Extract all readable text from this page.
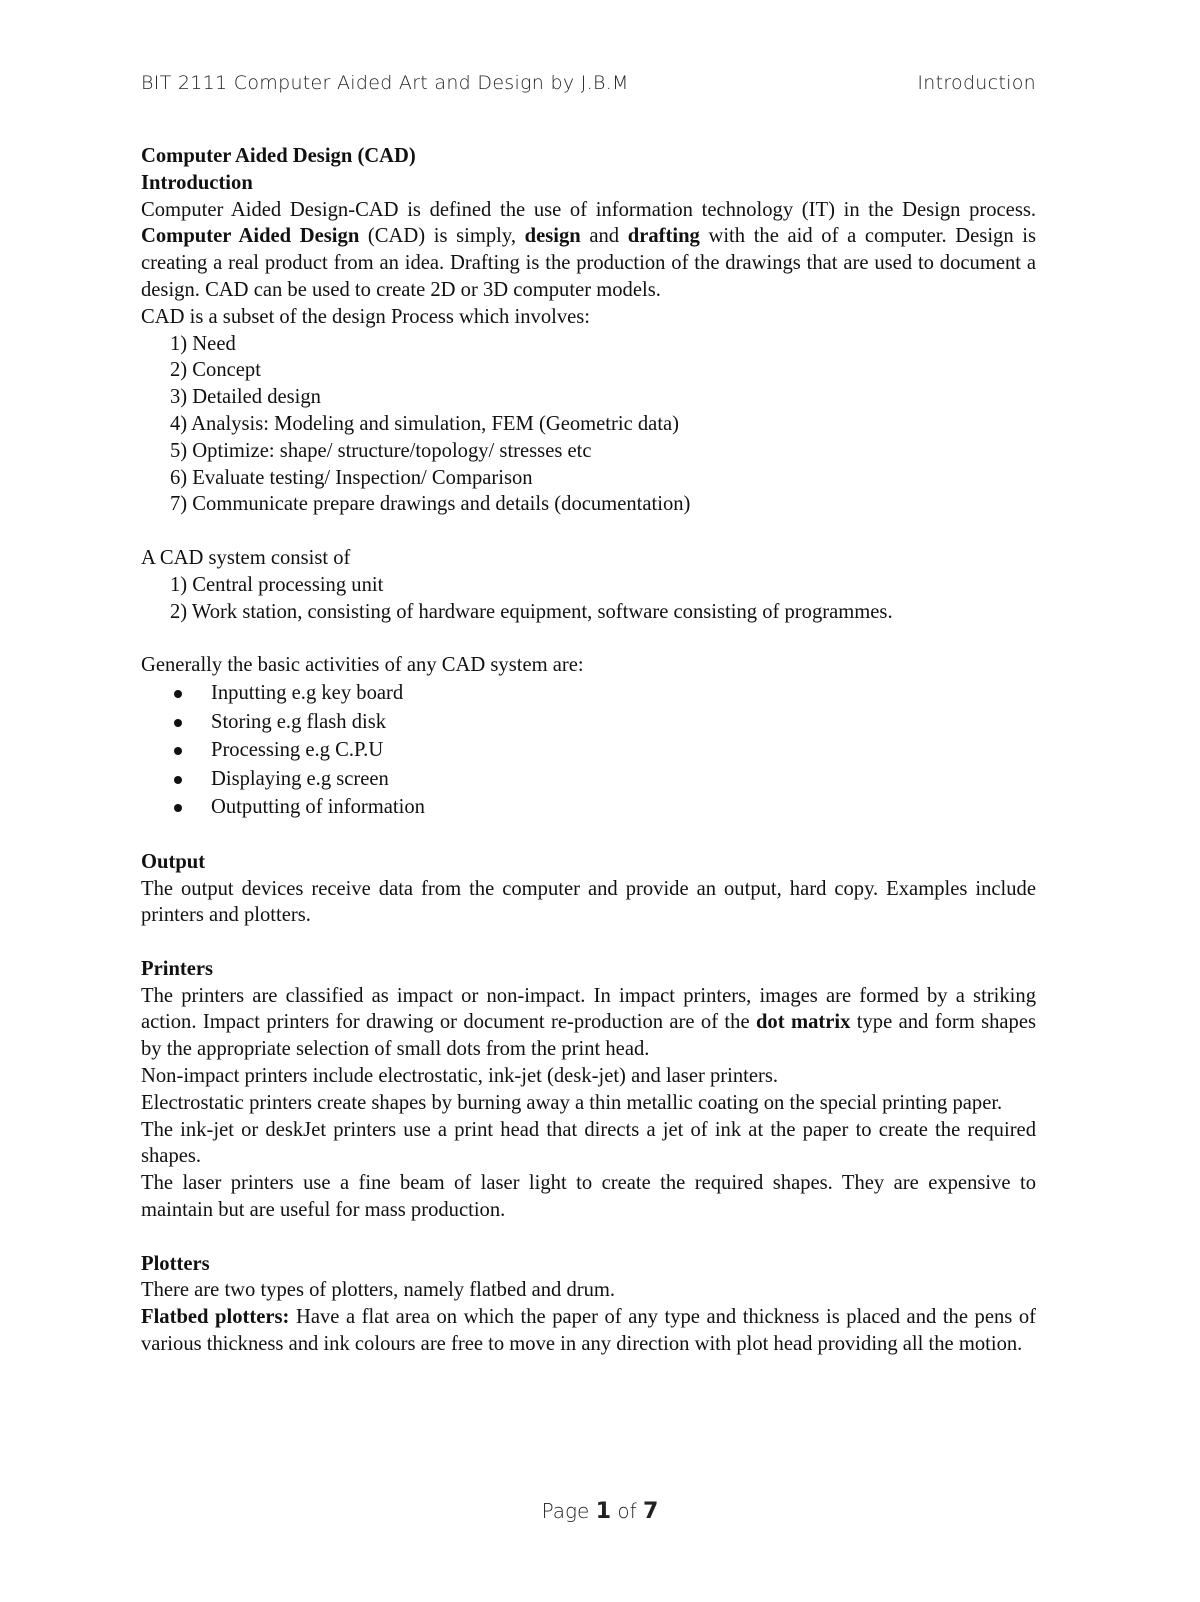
BIT 2111 Computer Aided Art and Design by J.B.M	Introduction

Computer Aided Design (CAD)

Introduction

Computer Aided Design-CAD is defined the use of information technology (IT) in the Design process. Computer Aided Design (CAD) is simply, design and drafting with the aid of a computer. Design is creating a real product from an idea. Drafting is the production of the drawings that are used to document a design. CAD can be used to create 2D or 3D computer models.

CAD is a subset of the design Process which involves:

1) Need
2) Concept
3) Detailed design
4) Analysis: Modeling and simulation, FEM (Geometric data)
5) Optimize: shape/ structure/topology/ stresses etc
6) Evaluate testing/ Inspection/ Comparison
7) Communicate prepare drawings and details (documentation)

A CAD system consist of

1) Central processing unit
2) Work station, consisting of hardware equipment, software consisting of programmes.

Generally the basic activities of any CAD system are:

Inputting e.g key board
Storing e.g flash disk
Processing e.g C.P.U
Displaying e.g screen
Outputting of information

Output

The output devices receive data from the computer and provide an output, hard copy. Examples include printers and plotters.

Printers

The printers are classified as impact or non-impact. In impact printers, images are formed by a striking action. Impact printers for drawing or document re-production are of the dot matrix type and form shapes by the appropriate selection of small dots from the print head.

Non-impact printers include electrostatic, ink-jet (desk-jet) and laser printers.

Electrostatic printers create shapes by burning away a thin metallic coating on the special printing paper.

The ink-jet or deskJet printers use a print head that directs a jet of ink at the paper to create the required shapes.

The laser printers use a fine beam of laser light to create the required shapes. They are expensive to maintain but are useful for mass production.

Plotters

There are two types of plotters, namely flatbed and drum.

Flatbed plotters: Have a flat area on which the paper of any type and thickness is placed and the pens of various thickness and ink colours are free to move in any direction with plot head providing all the motion.

Page 1 of 7
